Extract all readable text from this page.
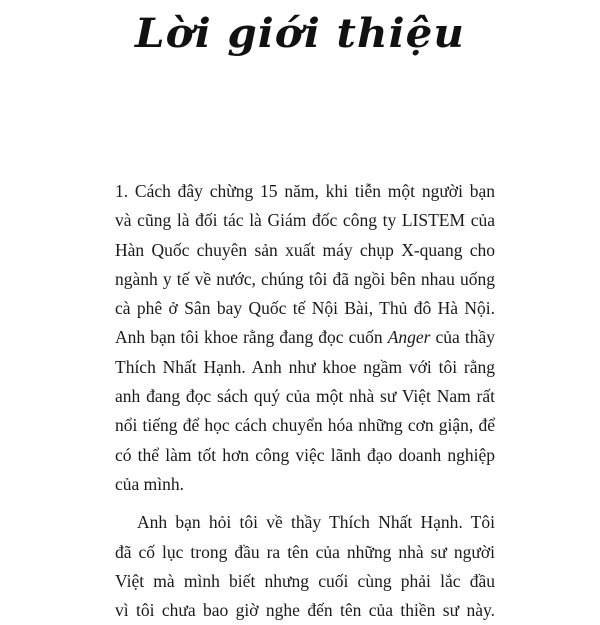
Lời giới thiệu
1. Cách đây chừng 15 năm, khi tiễn một người bạn
và cũng là đối tác là Giám đốc công ty LISTEM của
Hàn Quốc chuyên sản xuất máy chụp X-quang cho
ngành y tế về nước, chúng tôi đã ngồi bên nhau uống
cà phê ở Sân bay Quốc tế Nội Bài, Thủ đô Hà Nội.
Anh bạn tôi khoe rằng đang đọc cuốn Anger của thầy
Thích Nhất Hạnh. Anh như khoe ngầm với tôi rằng
anh đang đọc sách quý của một nhà sư Việt Nam rất
nổi tiếng để học cách chuyển hóa những cơn giận, để
có thể làm tốt hơn công việc lãnh đạo doanh nghiệp
của mình.
Anh bạn hỏi tôi về thầy Thích Nhất Hạnh. Tôi
đã cố lục trong đầu ra tên của những nhà sư người
Việt mà mình biết nhưng cuối cùng phải lắc đầu
vì tôi chưa bao giờ nghe đến tên của thiền sư này.
